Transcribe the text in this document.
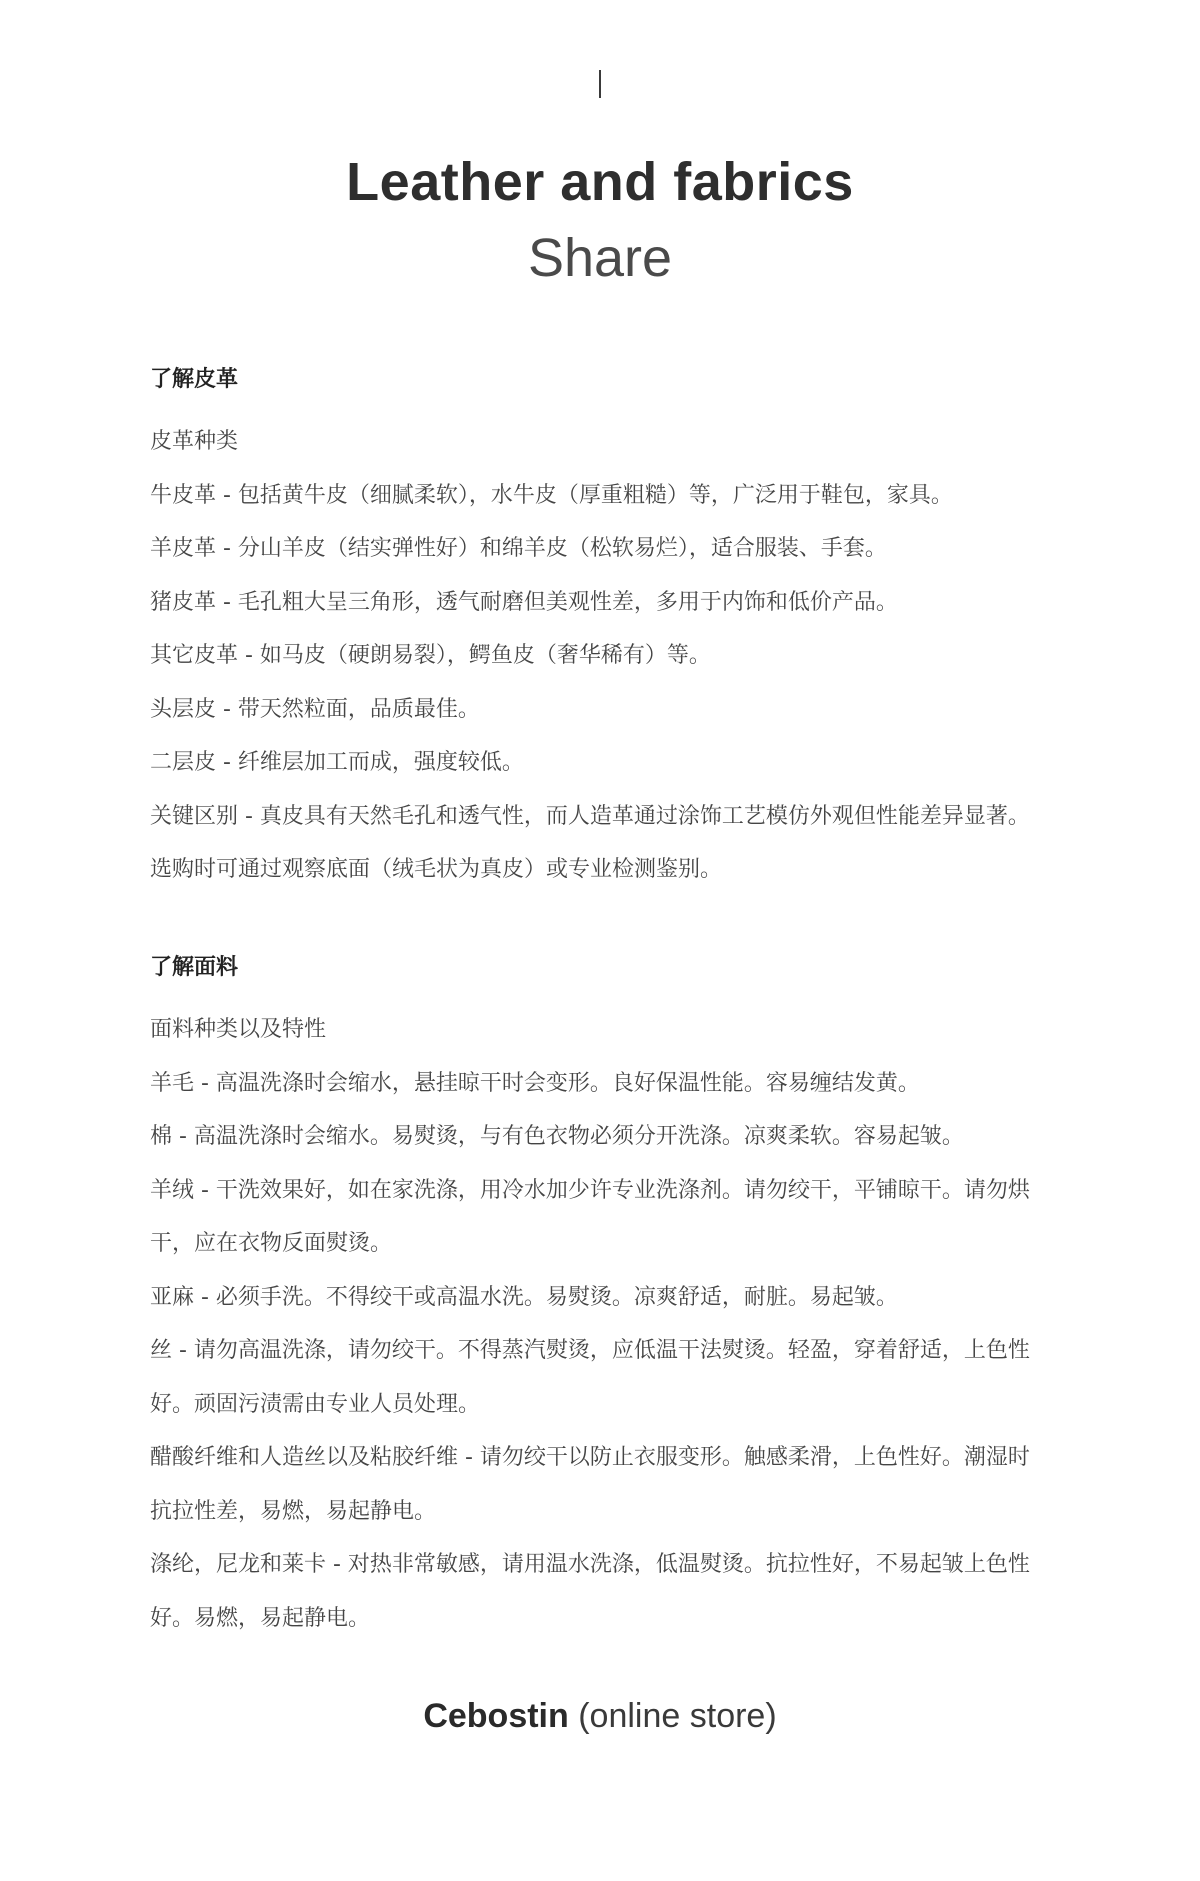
Leather and fabrics
Share
了解皮革

皮革种类

牛皮革 - 包括黄牛皮（细腻柔软），水牛皮（厚重粗糙）等，广泛用于鞋包，家具。

羊皮革 - 分山羊皮（结实弹性好）和绵羊皮（松软易烂），适合服装、手套。

猪皮革 - 毛孔粗大呈三角形，透气耐磨但美观性差，多用于内饰和低价产品。

其它皮革 - 如马皮（硬朗易裂），鳄鱼皮（奢华稀有）等。

头层皮 - 带天然粒面，品质最佳。

二层皮 - 纤维层加工而成，强度较低。

关键区别 - 真皮具有天然毛孔和透气性，而人造革通过涂饰工艺模仿外观但性能差异显著。选购时可通过观察底面（绒毛状为真皮）或专业检测鉴别。

了解面料

面料种类以及特性

羊毛 - 高温洗涤时会缩水，悬挂晾干时会变形。良好保温性能。容易缠结发黄。

棉 - 高温洗涤时会缩水。易熨烫，与有色衣物必须分开洗涤。凉爽柔软。容易起皱。

羊绒 - 干洗效果好，如在家洗涤，用冷水加少许专业洗涤剂。请勿绞干，平铺晾干。请勿烘干，应在衣物反面熨烫。

亚麻 - 必须手洗。不得绞干或高温水洗。易熨烫。凉爽舒适，耐脏。易起皱。

丝 - 请勿高温洗涤，请勿绞干。不得蒸汽熨烫，应低温干法熨烫。轻盈，穿着舒适，上色性好。顽固污渍需由专业人员处理。

醋酸纤维和人造丝以及粘胶纤维 - 请勿绞干以防止衣服变形。触感柔滑，上色性好。潮湿时抗拉性差，易燃，易起静电。

涤纶，尼龙和莱卡 - 对热非常敏感，请用温水洗涤，低温熨烫。抗拉性好，不易起皱上色性好。易燃，易起静电。

Cebostin (online store)
